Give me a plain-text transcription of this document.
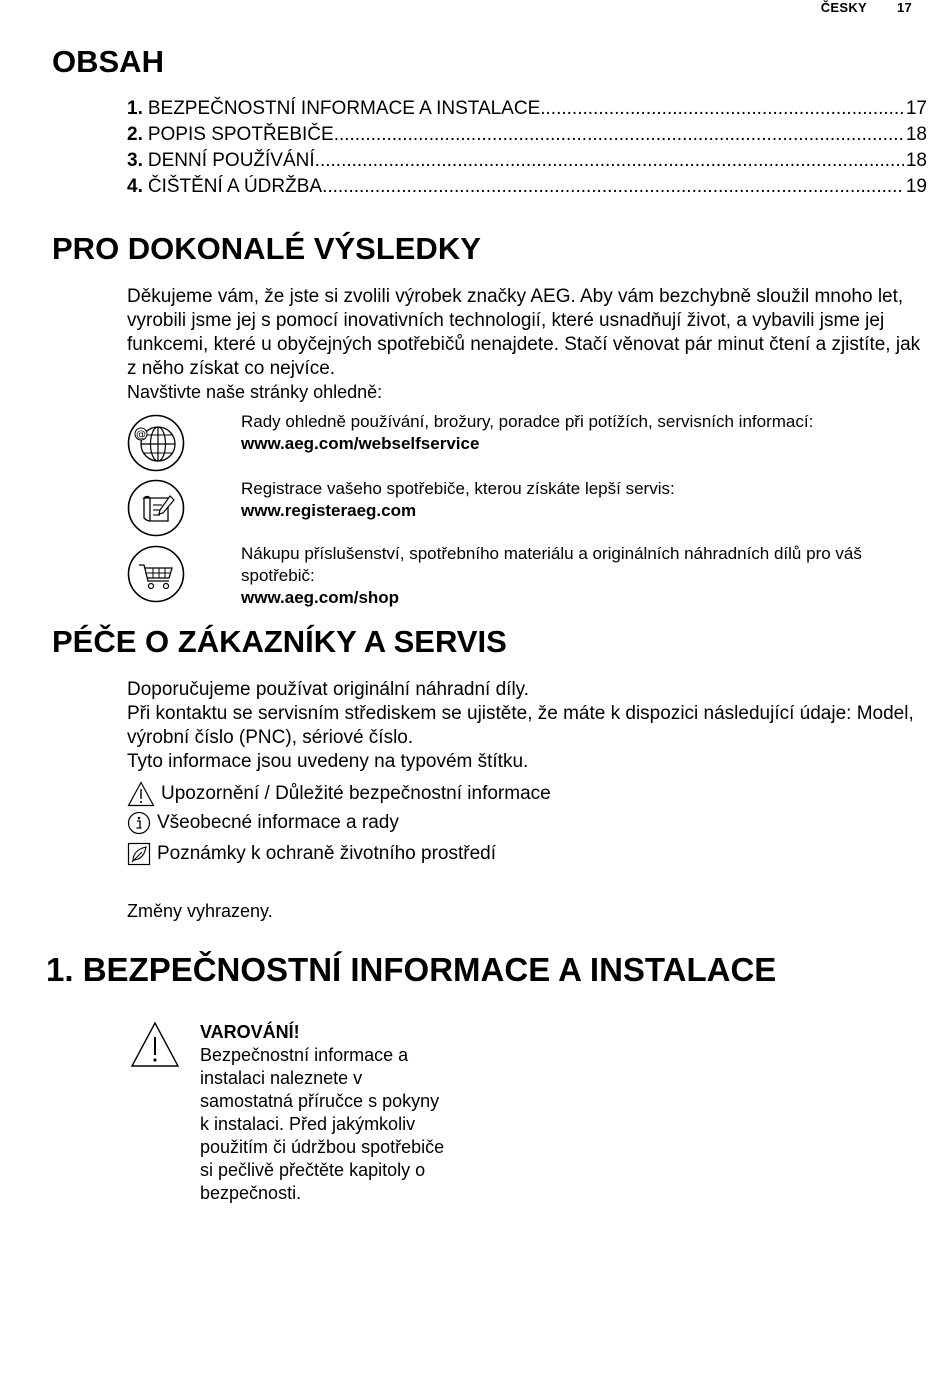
ČESKY 17
OBSAH
1. BEZPEČNOSTNÍ INFORMACE A INSTALACE .....	17
2. POPIS SPOTŘEBIČE .....	18
3. DENNÍ POUŽÍVÁNÍ .....	18
4. ČIŠTĚNÍ A ÚDRŽBA .....	19
PRO DOKONALÉ VÝSLEDKY
Děkujeme vám, že jste si zvolili výrobek značky AEG. Aby vám bezchybně sloužil mnoho let, vyrobili jsme jej s pomocí inovativních technologií, které usnadňují život, a vybavili jsme jej funkcemi, které u obyčejných spotřebičů nenajdete. Stačí věnovat pár minut čtení a zjistíte, jak z něho získat co nejvíce.
Navštivte naše stránky ohledně:
@
Rady ohledně používání, brožury, poradce při potížích, servisních informací:
www.aeg.com/webselfservice
Registrace vašeho spotřebiče, kterou získáte lepší servis:
www.registeraeg.com
Nákupu příslušenství, spotřebního materiálu a originálních náhradních dílů pro váš spotřebič:
www.aeg.com/shop
PÉČE O ZÁKAZNÍKY A SERVIS
Doporučujeme používat originální náhradní díly.
Při kontaktu se servisním střediskem se ujistěte, že máte k dispozici následující údaje: Model, výrobní číslo (PNC), sériové číslo.
Tyto informace jsou uvedeny na typovém štítku.
Upozornění / Důležité bezpečnostní informace
Všeobecné informace a rady
Poznámky k ochraně životního prostředí
Změny vyhrazeny.
1. BEZPEČNOSTNÍ INFORMACE A INSTALACE
VAROVÁNÍ!
Bezpečnostní informace a instalaci naleznete v samostatná příručce s pokyny k instalaci. Před jakýmkoliv použitím či údržbou spotřebiče si pečlivě přečtěte kapitoly o bezpečnosti.
